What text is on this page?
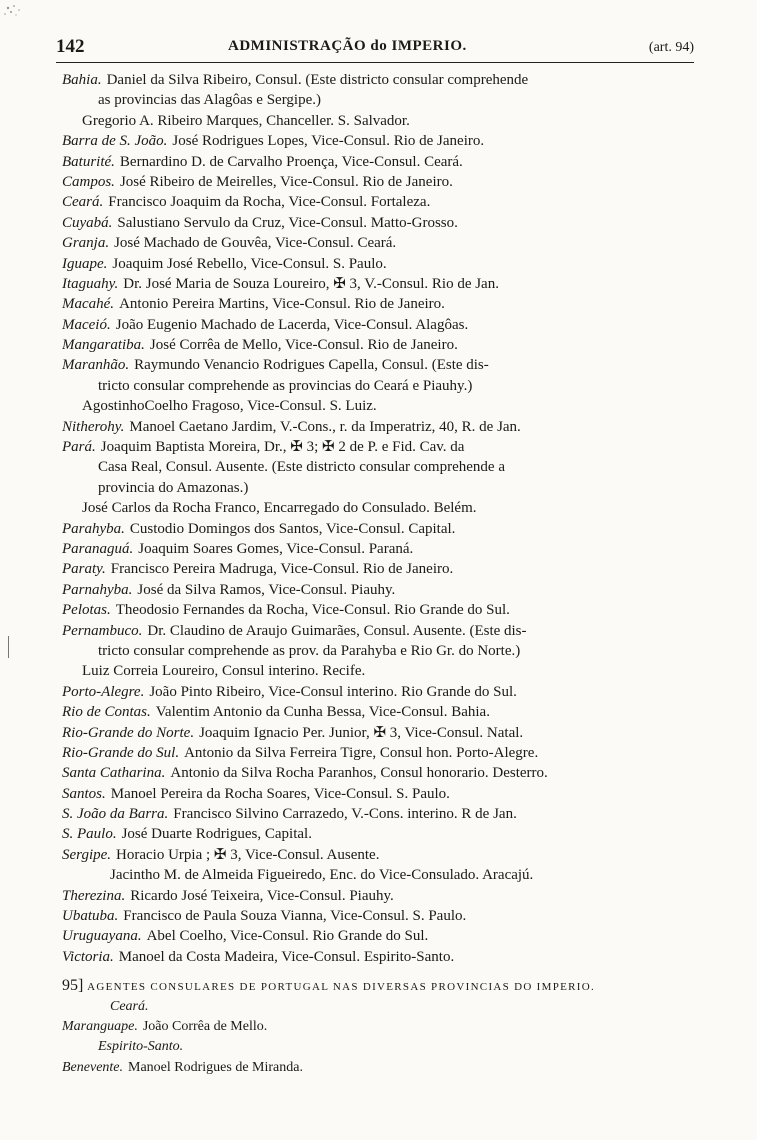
142	ADMINISTRAÇÃO do IMPERIO.	(art. 94)
Bahia. Daniel da Silva Ribeiro, Consul. (Este districto consular comprehende
as provincias das Alagôas e Sergipe.)
Gregorio A. Ribeiro Marques, Chanceller. S. Salvador.
Barra de S. João. José Rodrigues Lopes, Vice-Consul. Rio de Janeiro.
Baturité. Bernardino D. de Carvalho Proença, Vice-Consul. Ceará.
Campos. José Ribeiro de Meirelles, Vice-Consul. Rio de Janeiro.
Ceará. Francisco Joaquim da Rocha, Vice-Consul. Fortaleza.
Cuyabá. Salustiano Servulo da Cruz, Vice-Consul. Matto-Grosso.
Granja. José Machado de Gouvêa, Vice-Consul. Ceará.
Iguape. Joaquim José Rebello, Vice-Consul. S. Paulo.
Itaguahy. Dr. José Maria de Souza Loureiro, ✠ 3, V.-Consul. Rio de Jan.
Macahé. Antonio Pereira Martins, Vice-Consul. Rio de Janeiro.
Maceió. João Eugenio Machado de Lacerda, Vice-Consul. Alagôas.
Mangaratiba. José Corrêa de Mello, Vice-Consul. Rio de Janeiro.
Maranhão. Raymundo Venancio Rodrigues Capella, Consul. (Este dis-
tricto consular comprehende as provincias do Ceará e Piauhy.)
AgostinhoCoelho Fragoso, Vice-Consul. S. Luiz.
Nitherohy. Manoel Caetano Jardim, V.-Cons., r. da Imperatriz, 40, R. de Jan.
Pará. Joaquim Baptista Moreira, Dr., ✠ 3; ✠ 2 de P. e Fid. Cav. da
Casa Real, Consul. Ausente. (Este districto consular comprehende a
provincia do Amazonas.)
José Carlos da Rocha Franco, Encarregado do Consulado. Belém.
Parahyba. Custodio Domingos dos Santos, Vice-Consul. Capital.
Paranaguá. Joaquim Soares Gomes, Vice-Consul. Paraná.
Paraty. Francisco Pereira Madruga, Vice-Consul. Rio de Janeiro.
Parnahyba. José da Silva Ramos, Vice-Consul. Piauhy.
Pelotas. Theodosio Fernandes da Rocha, Vice-Consul. Rio Grande do Sul.
Pernambuco. Dr. Claudino de Araujo Guimarães, Consul. Ausente. (Este dis-
tricto consular comprehende as prov. da Parahyba e Rio Gr. do Norte.)
Luiz Correia Loureiro, Consul interino. Recife.
Porto-Alegre. João Pinto Ribeiro, Vice-Consul interino. Rio Grande do Sul.
Rio de Contas. Valentim Antonio da Cunha Bessa, Vice-Consul. Bahia.
Rio-Grande do Norte. Joaquim Ignacio Per. Junior, ✠ 3, Vice-Consul. Natal.
Rio-Grande do Sul. Antonio da Silva Ferreira Tigre, Consul hon. Porto-Alegre.
Santa Catharina. Antonio da Silva Rocha Paranhos, Consul honorario. Desterro.
Santos. Manoel Pereira da Rocha Soares, Vice-Consul. S. Paulo.
S. João da Barra. Francisco Silvino Carrazedo, V.-Cons. interino. R de Jan.
S. Paulo. José Duarte Rodrigues, Capital.
Sergipe. Horacio Urpia ; ✠ 3, Vice-Consul. Ausente.
Jacintho M. de Almeida Figueiredo, Enc. do Vice-Consulado. Aracajú.
Therezina. Ricardo José Teixeira, Vice-Consul. Piauhy.
Ubatuba. Francisco de Paula Souza Vianna, Vice-Consul. S. Paulo.
Uruguayana. Abel Coelho, Vice-Consul. Rio Grande do Sul.
Victoria. Manoel da Costa Madeira, Vice-Consul. Espirito-Santo.
95] AGENTES CONSULARES DE PORTUGAL NAS DIVERSAS PROVINCIAS DO IMPERIO.
Ceará.
Maranguape. João Corrêa de Mello.
Espirito-Santo.
Benevente. Manoel Rodrigues de Miranda.
